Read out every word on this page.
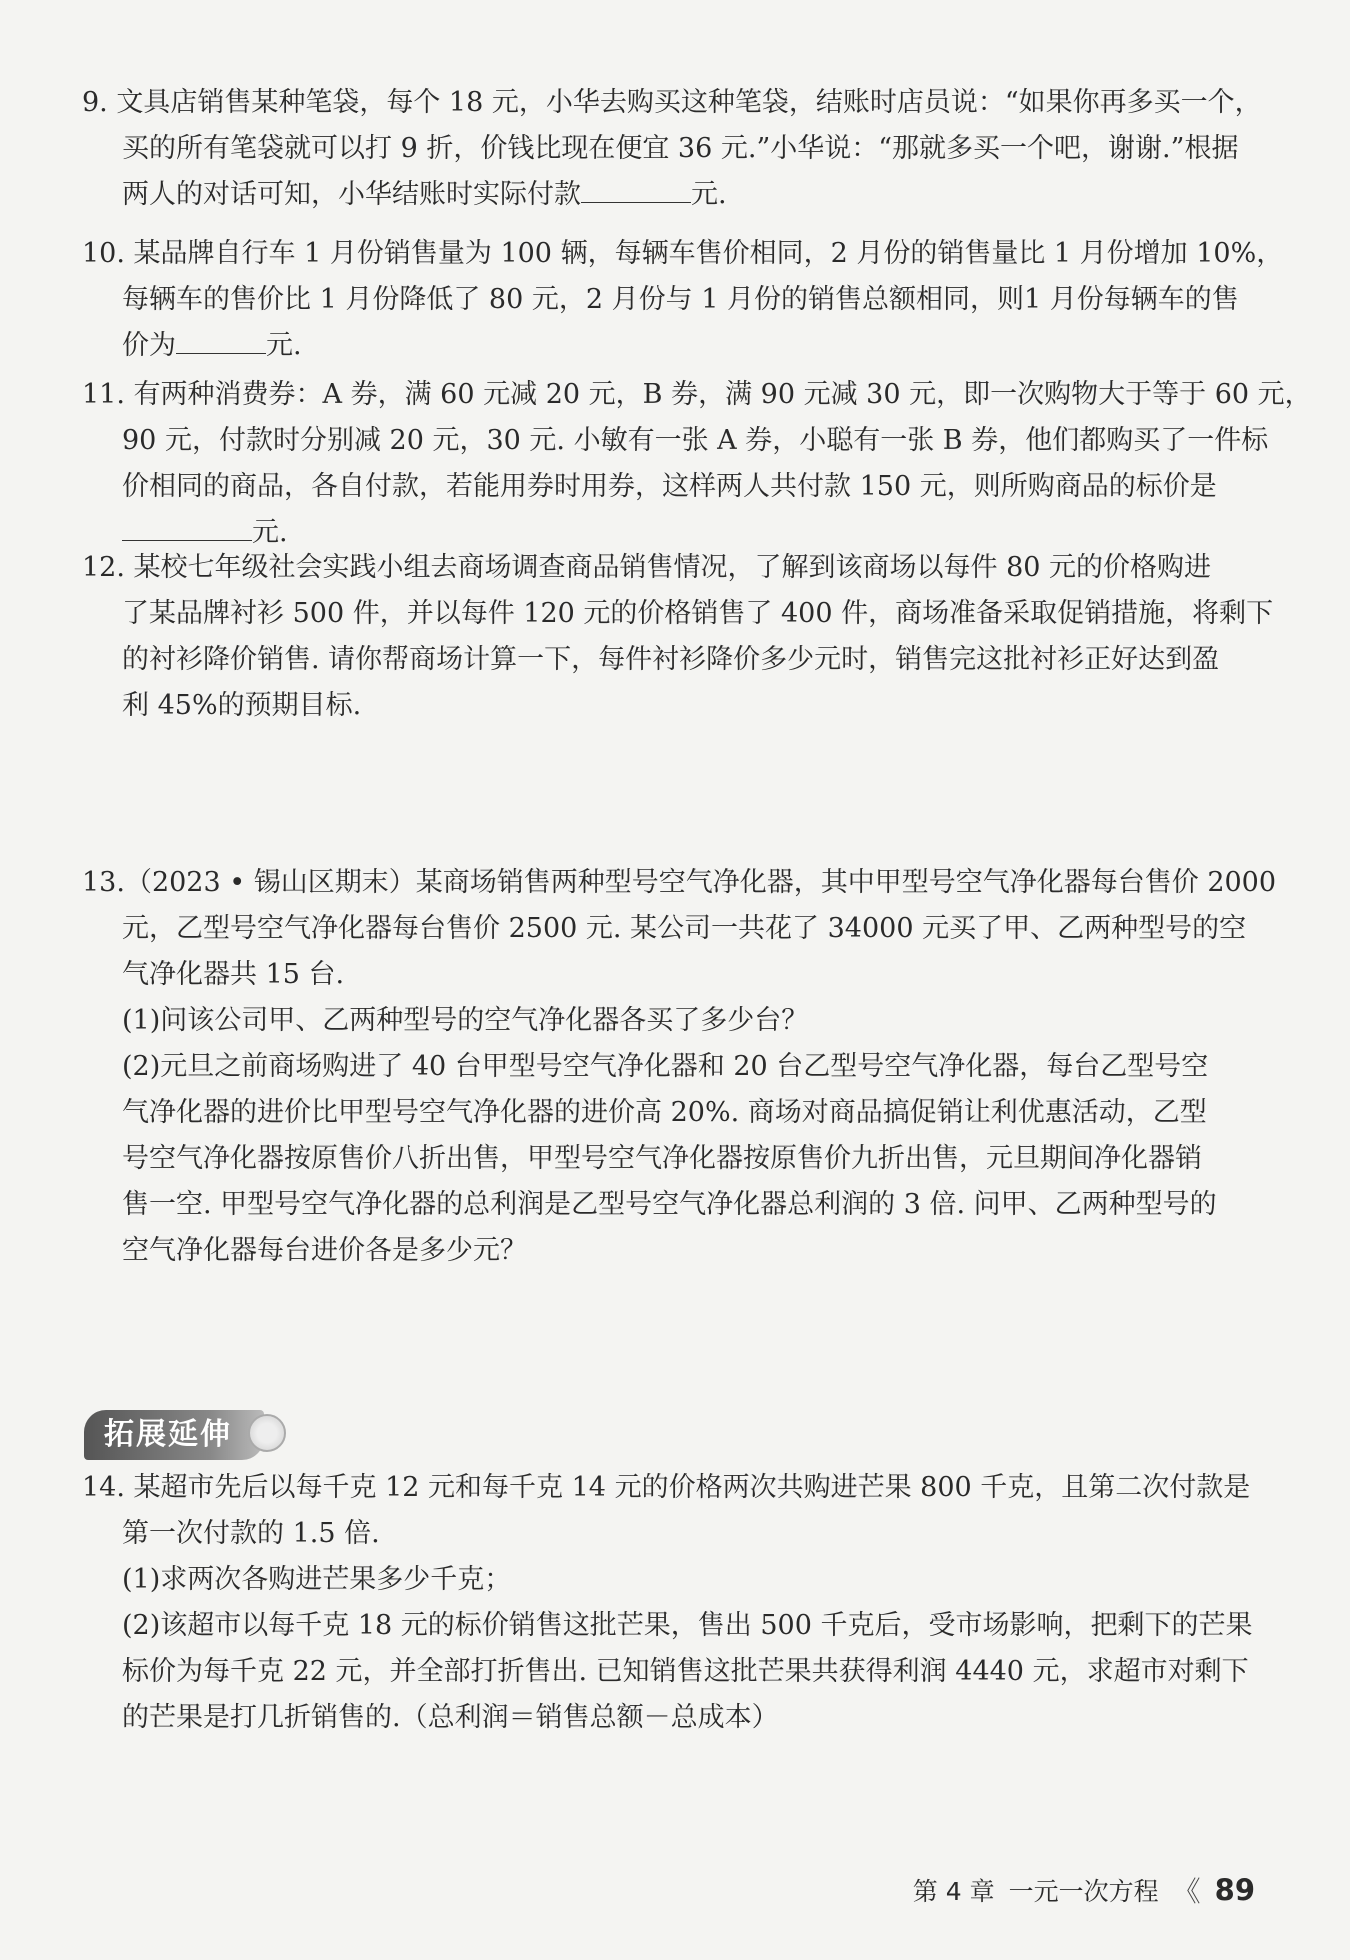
9. 文具店销售某种笔袋，每个 18 元，小华去购买这种笔袋，结账时店员说：“如果你再多买一个，
买的所有笔袋就可以打 9 折，价钱比现在便宜 36 元.”小华说：“那就多买一个吧，谢谢.”根据
两人的对话可知，小华结账时实际付款	元.
10. 某品牌自行车 1 月份销售量为 100 辆，每辆车售价相同，2 月份的销售量比 1 月份增加 10%，
每辆车的售价比 1 月份降低了 80 元，2 月份与 1 月份的销售总额相同，则1 月份每辆车的售
价为	元.
11. 有两种消费券：A 券，满 60 元减 20 元，B 券，满 90 元减 30 元，即一次购物大于等于 60 元，
90 元，付款时分别减 20 元，30 元. 小敏有一张 A 券，小聪有一张 B 券，他们都购买了一件标
价相同的商品，各自付款，若能用券时用券，这样两人共付款 150 元，则所购商品的标价是
元.
12. 某校七年级社会实践小组去商场调查商品销售情况，了解到该商场以每件 80 元的价格购进
了某品牌衬衫 500 件，并以每件 120 元的价格销售了 400 件，商场准备采取促销措施，将剩下
的衬衫降价销售. 请你帮商场计算一下，每件衬衫降价多少元时，销售完这批衬衫正好达到盈
利 45%的预期目标.
13.（2023 • 锡山区期末）某商场销售两种型号空气净化器，其中甲型号空气净化器每台售价 2000
元，乙型号空气净化器每台售价 2500 元. 某公司一共花了 34000 元买了甲、乙两种型号的空
气净化器共 15 台.
(1)问该公司甲、乙两种型号的空气净化器各买了多少台？
(2)元旦之前商场购进了 40 台甲型号空气净化器和 20 台乙型号空气净化器，每台乙型号空
气净化器的进价比甲型号空气净化器的进价高 20%. 商场对商品搞促销让利优惠活动，乙型
号空气净化器按原售价八折出售，甲型号空气净化器按原售价九折出售，元旦期间净化器销
售一空. 甲型号空气净化器的总利润是乙型号空气净化器总利润的 3 倍. 问甲、乙两种型号的
空气净化器每台进价各是多少元？
拓展延伸
14. 某超市先后以每千克 12 元和每千克 14 元的价格两次共购进芒果 800 千克，且第二次付款是
第一次付款的 1.5 倍.
(1)求两次各购进芒果多少千克；
(2)该超市以每千克 18 元的标价销售这批芒果，售出 500 千克后，受市场影响，把剩下的芒果
标价为每千克 22 元，并全部打折售出. 已知销售这批芒果共获得利润 4440 元，求超市对剩下
的芒果是打几折销售的.（总利润＝销售总额－总成本）
第 4 章 一元一次方程 《 89
